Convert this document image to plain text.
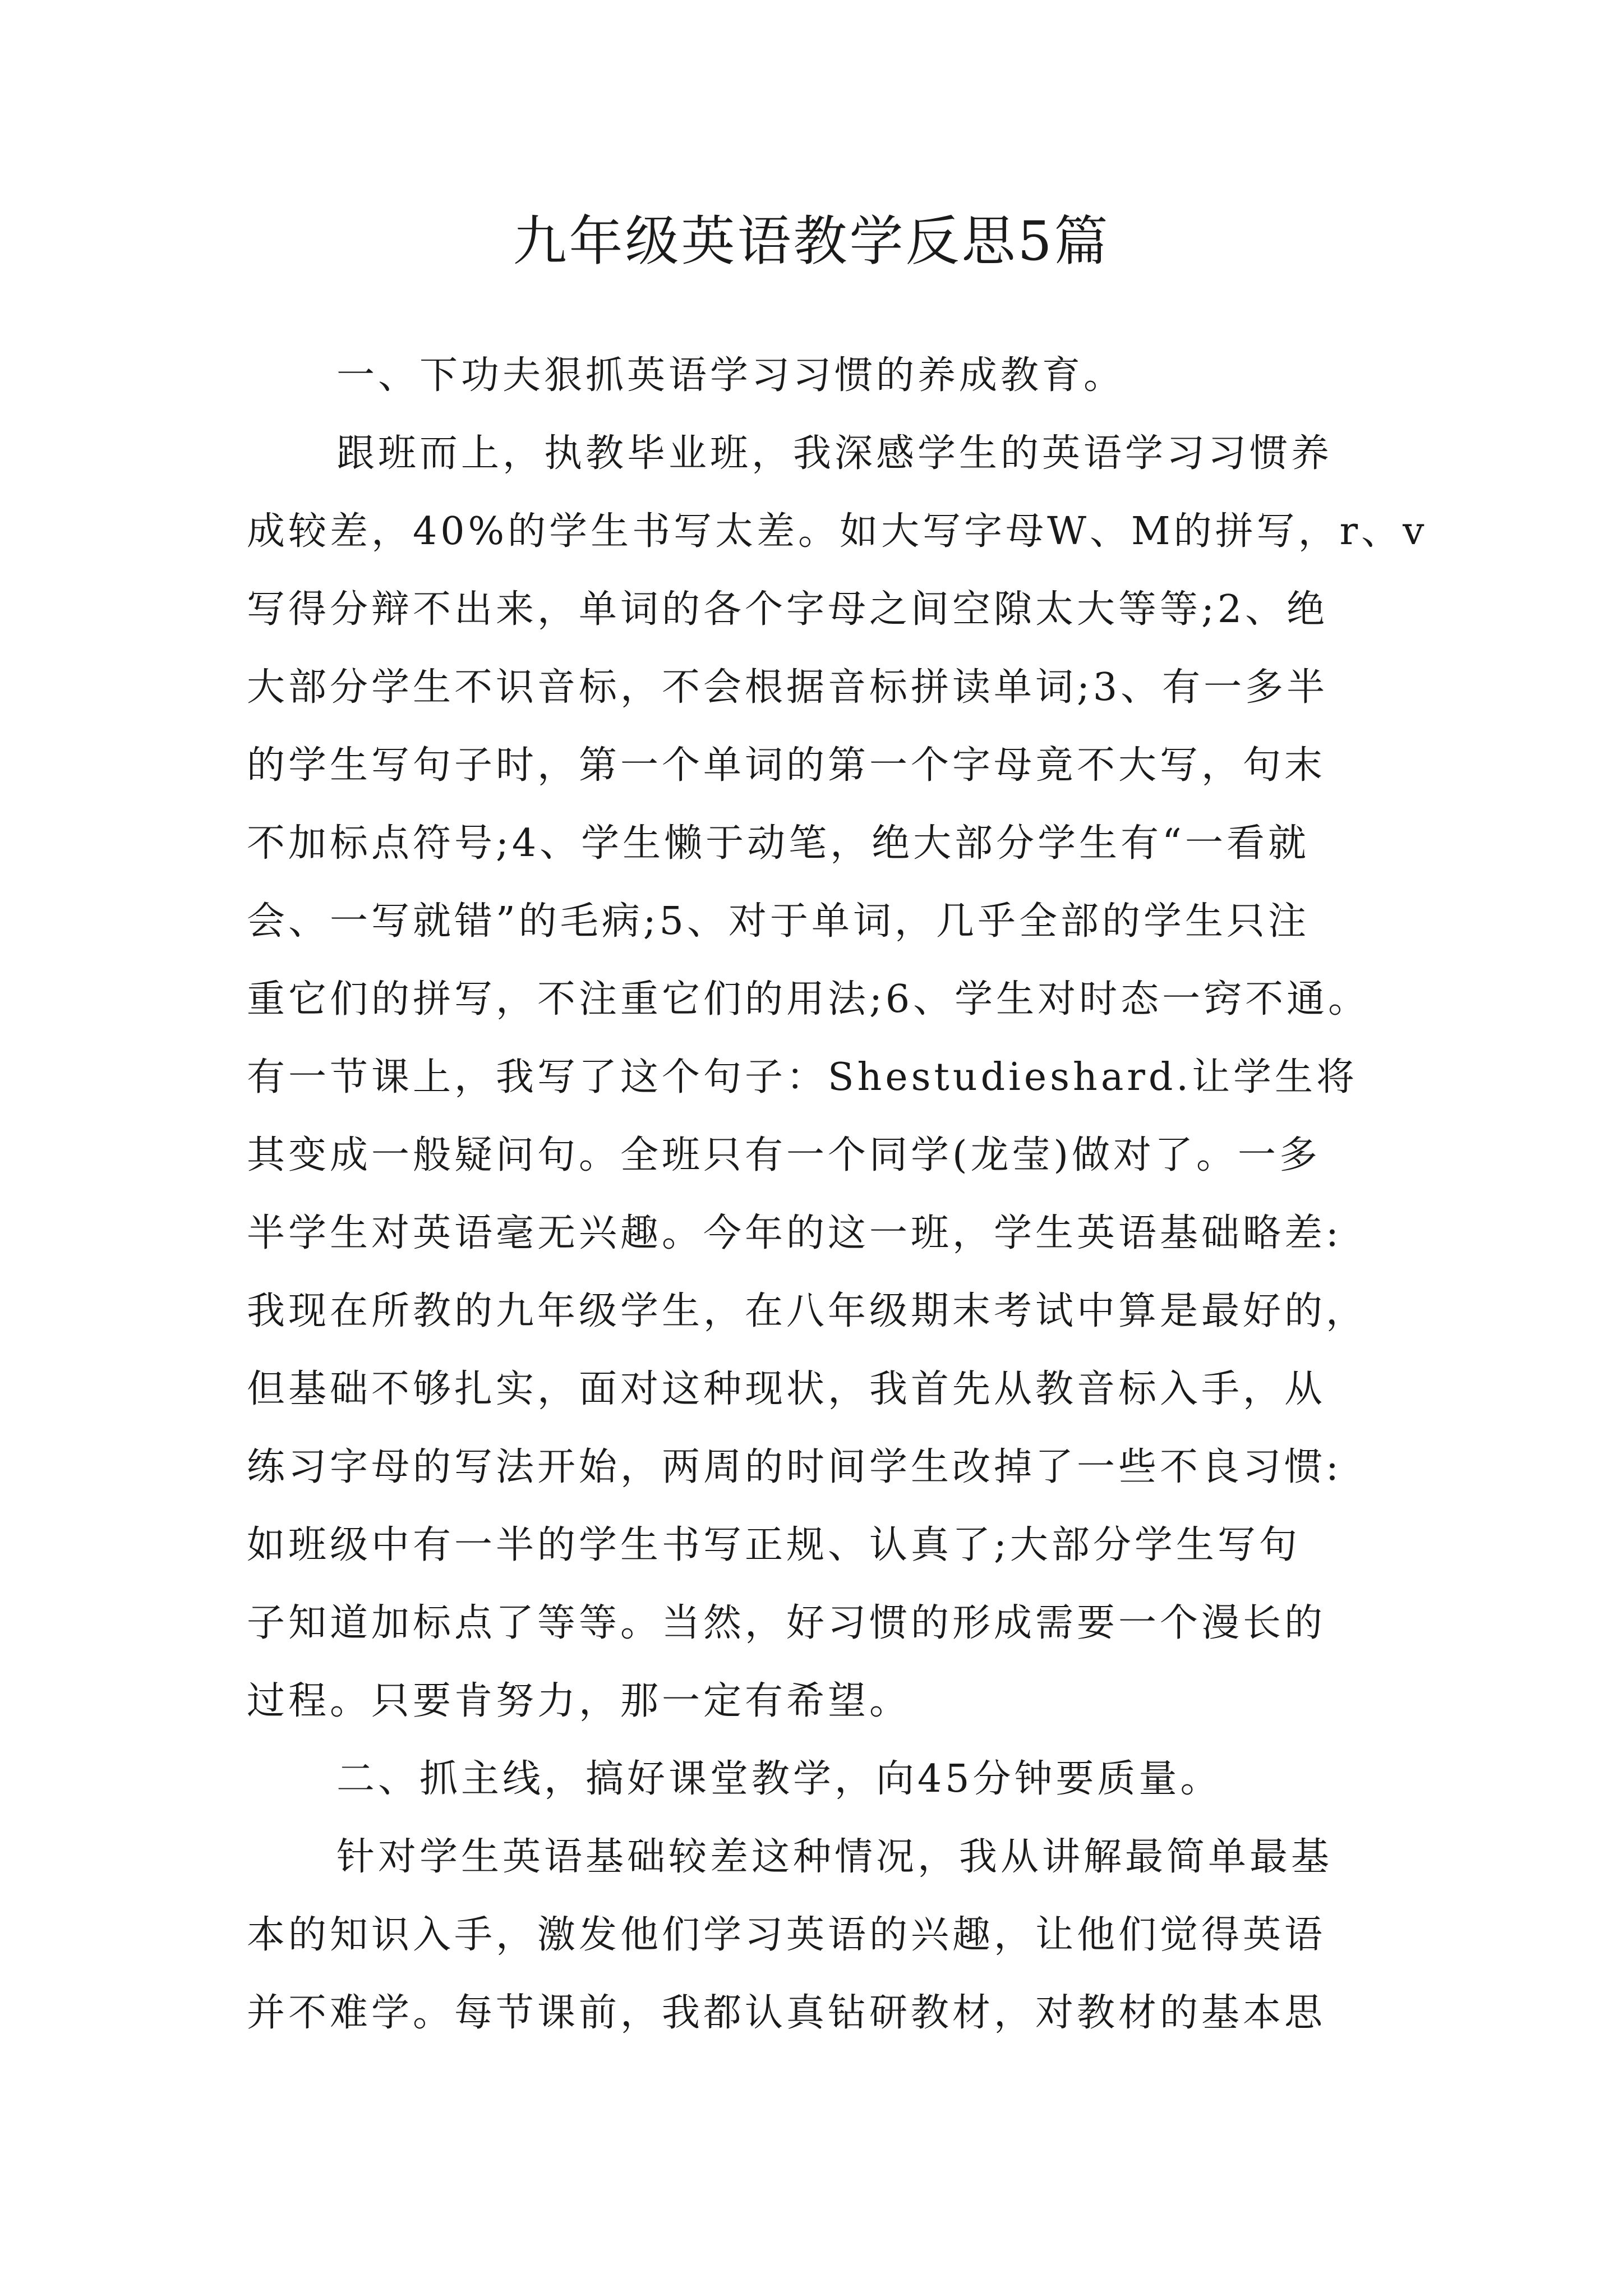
九年级英语教学反思5篇
一、下功夫狠抓英语学习习惯的养成教育。
跟班而上，执教毕业班，我深感学生的英语学习习惯养
成较差，40%的学生书写太差。如大写字母W、M的拼写，r、v
写得分辩不出来，单词的各个字母之间空隙太大等等;2、绝
大部分学生不识音标，不会根据音标拼读单词;3、有一多半
的学生写句子时，第一个单词的第一个字母竟不大写，句末
不加标点符号;4、学生懒于动笔，绝大部分学生有“一看就
会、一写就错”的毛病;5、对于单词，几乎全部的学生只注
重它们的拼写，不注重它们的用法;6、学生对时态一窍不通。
有一节课上，我写了这个句子：Shestudieshard.让学生将
其变成一般疑问句。全班只有一个同学(龙莹)做对了。一多
半学生对英语毫无兴趣。今年的这一班，学生英语基础略差:
我现在所教的九年级学生，在八年级期末考试中算是最好的，
但基础不够扎实，面对这种现状，我首先从教音标入手，从
练习字母的写法开始，两周的时间学生改掉了一些不良习惯:
如班级中有一半的学生书写正规、认真了;大部分学生写句
子知道加标点了等等。当然，好习惯的形成需要一个漫长的
过程。只要肯努力，那一定有希望。
二、抓主线，搞好课堂教学，向45分钟要质量。
针对学生英语基础较差这种情况，我从讲解最简单最基
本的知识入手，激发他们学习英语的兴趣，让他们觉得英语
并不难学。每节课前，我都认真钻研教材，对教材的基本思
